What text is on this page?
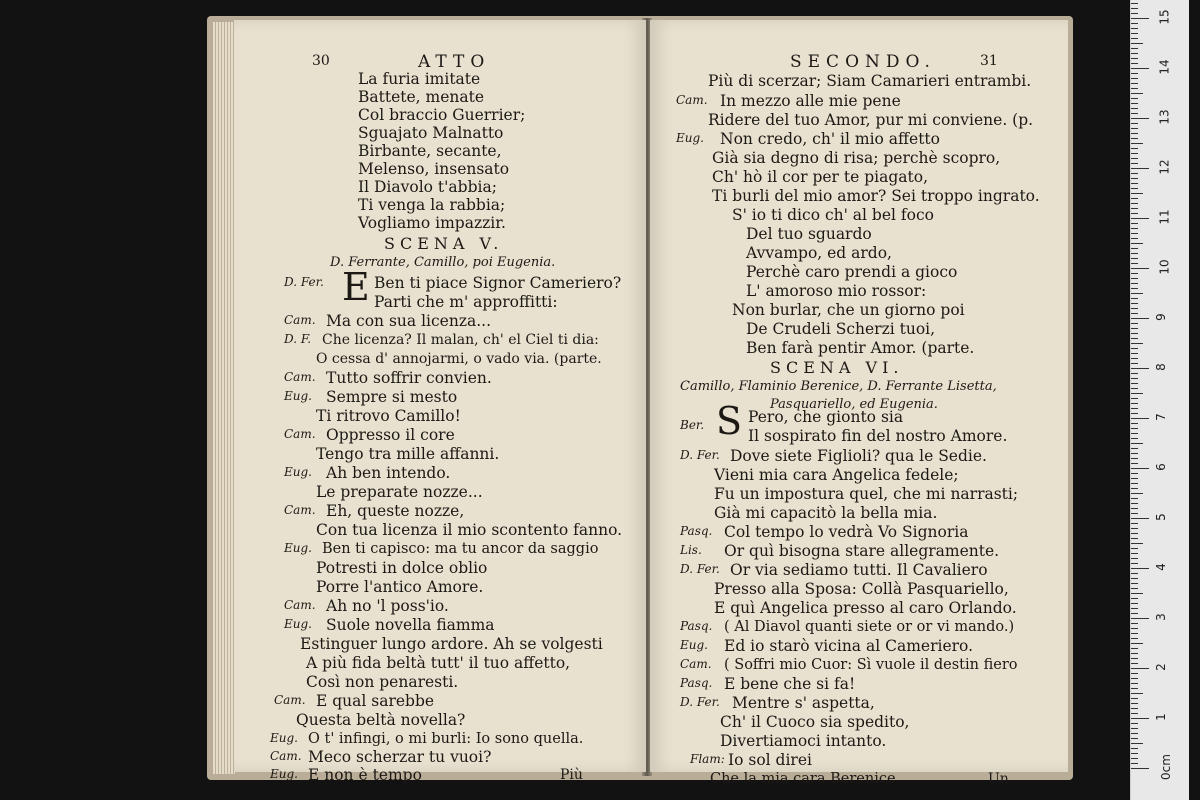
30	ATTO
La furia imitate
Battete, menate
Col braccio Guerrier;
Sguajato Malnatto
Birbante, secante,
Melenso, insensato
Il Diavolo t'abbia;
Ti venga la rabbia;
Vogliamo impazzir.
SCENA V.
D. Ferrante, Camillo, poi Eugenia.
D. Fer. E Ben ti piace Signor Cameriero?
Parti che m' approffitti:
Cam. Ma con sua licenza...
D. F. Che licenza? Il malan, ch' el Ciel ti dia:
O cessa d' annojarmi, o vado via. (parte.
Cam. Tutto soffrir convien.
Eug. Sempre si mesto
Ti ritrovo Camillo!
Cam. Oppresso il core
Tengo tra mille affanni.
Eug. Ah ben intendo.
Le preparate nozze...
Cam. Eh, queste nozze,
Con tua licenza il mio scontento fanno.
Eug. Ben ti capisco: ma tu ancor da saggio
Potresti in dolce oblio
Porre l'antico Amore.
Cam. Ah no 'l poss'io.
Eug. Suole novella fiamma
Estinguer lungo ardore. Ah se volgesti
A più fida beltà tutt' il tuo affetto,
Così non penaresti.
Cam. E qual sarebbe
Questa beltà novella?
Eug. O t' infingi, o mi burli: Io sono quella.
Cam. Meco scherzar tu vuoi?
Eug. E non è tempo	Più
SECONDO.	31
Più di scerzar; Siam Camarieri entrambi.
Cam. In mezzo alle mie pene
Ridere del tuo Amor, pur mi conviene. (p.
Eug. Non credo, ch' il mio affetto
Già sia degno di risa; perchè scopro,
Ch' hò il cor per te piagato,
Ti burli del mio amor? Sei troppo ingrato.
S' io ti dico ch' al bel foco
Del tuo sguardo
Avvampo, ed ardo,
Perchè caro prendi a gioco
L' amoroso mio rossor:
Non burlar, che un giorno poi
De Crudeli Scherzi tuoi,
Ben farà pentir Amor. (parte.
SCENA VI.
Camillo, Flaminio Berenice, D. Ferrante Lisetta,
Pasquariello, ed Eugenia.
Ber. S Pero, che gionto sia
Il sospirato fin del nostro Amore.
D. Fer. Dove siete Figlioli? qua le Sedie.
Vieni mia cara Angelica fedele;
Fu un impostura quel, che mi narrasti;
Già mi capacitò la bella mia.
Pasq. Col tempo lo vedrà Vo Signoria
Lis. Or quì bisogna stare allegramente.
D. Fer. Or via sediamo tutti. Il Cavaliero
Presso alla Sposa: Collà Pasquariello,
E quì Angelica presso al caro Orlando.
Pasq. ( Al Diavol quanti siete or or vi mando.)
Eug. Ed io starò vicina al Cameriero.
Cam. ( Soffri mio Cuor: Sì vuole il destin fiero
Pasq. E bene che si fa!
D. Fer. Mentre s' aspetta,
Ch' il Cuoco sia spedito,
Divertiamoci intanto.
Flam: Io sol direi
Che la mia cara Berenice	Un	0cm
1
2
3
4
5
6
7
8
9
10
11
12
13
14
15
